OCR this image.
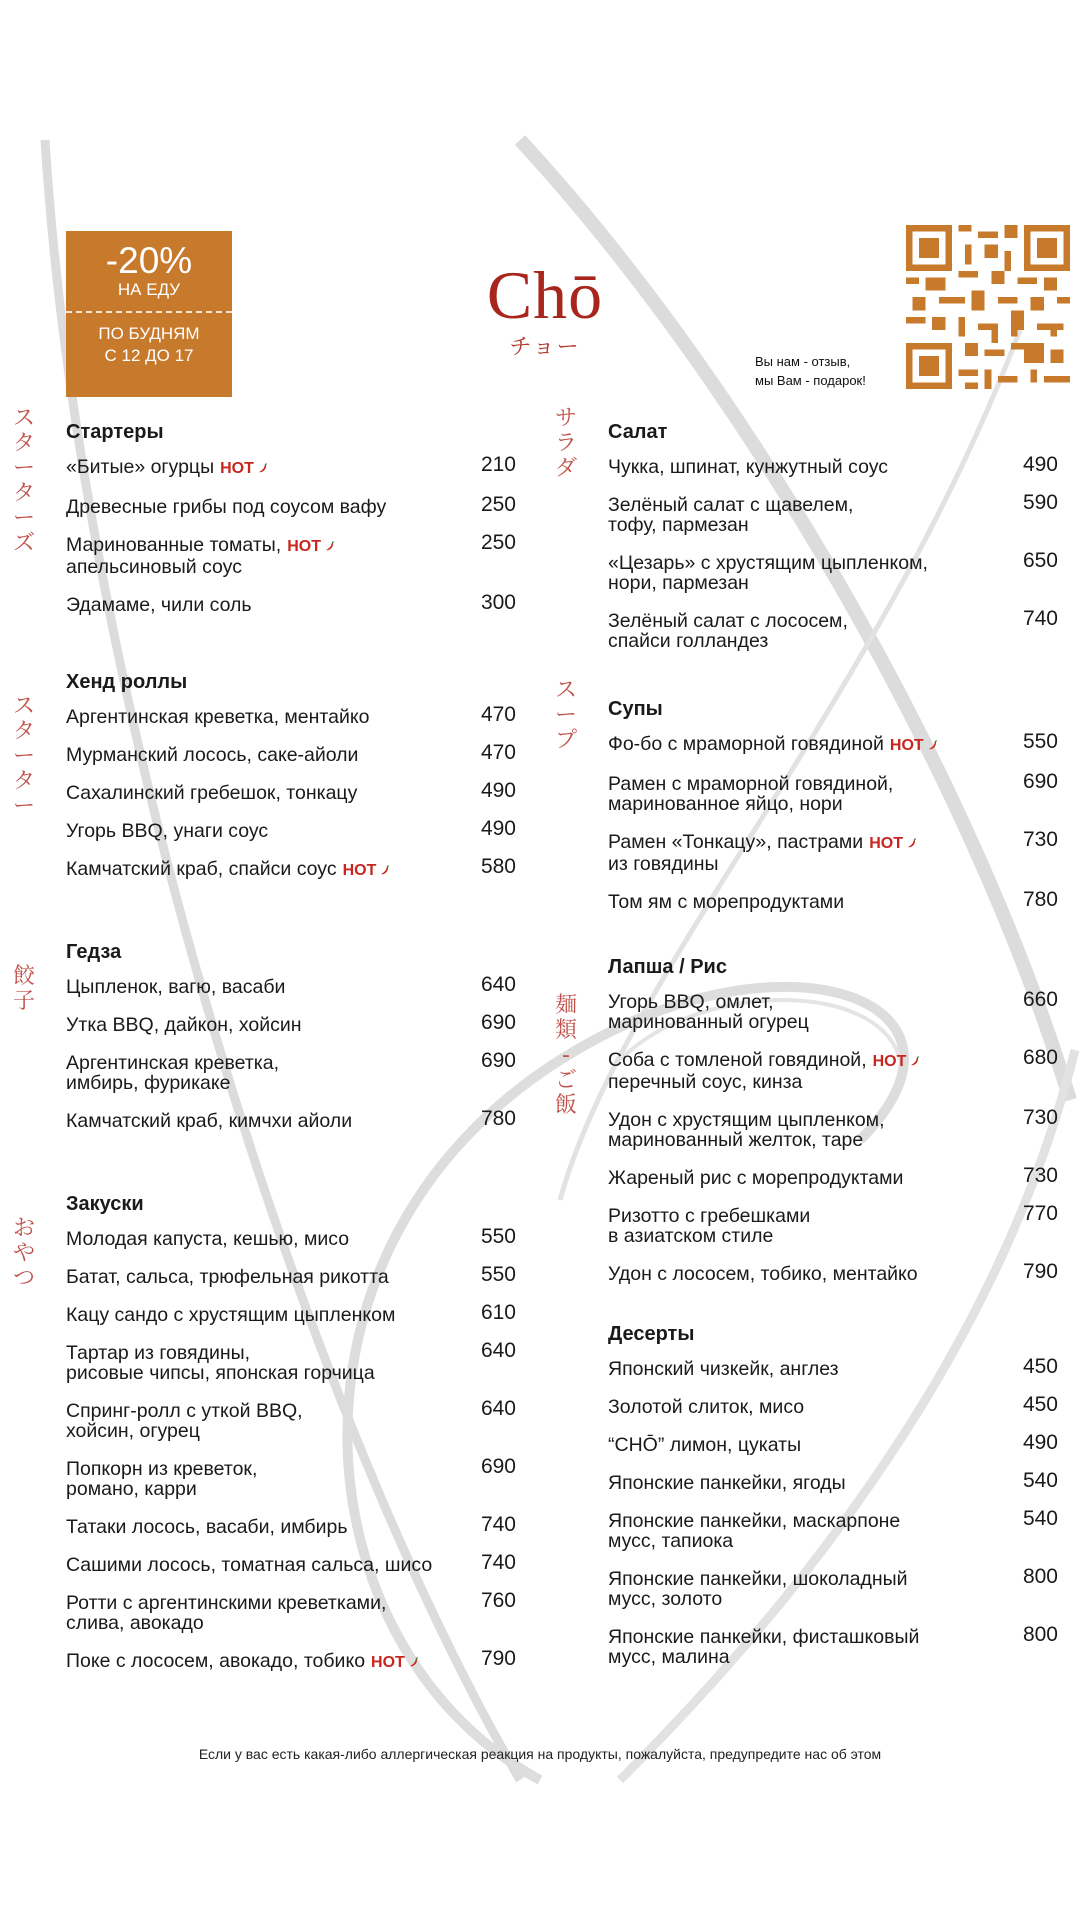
-20%
НА ЕДУ
ПО БУДНЯМ
С 12 ДО 17
Chō
チョー
Вы нам - отзыв,
мы Вам - подарок!
スターターズ
スターター
餃子
おやつ
サラダ
スープ
麺類 - ご飯
Стартеры
«Битые» огурцы HOT	210
Древесные грибы под соусом вафу	250
Маринованные томаты, HOT
апельсиновый соус
250
Эдамаме, чили соль	300
Хенд роллы
Аргентинская креветка, ментайко	470
Мурманский лосось, саке-айоли	470
Сахалинский гребешок, тонкацу	490
Угорь BBQ, унаги соус	490
Камчатский краб, спайси соус HOT	580
Гедза
Цыпленок, вагю, васаби	640
Утка BBQ, дайкон, хойсин	690
Аргентинская креветка,
имбирь, фурикаке
690
Камчатский краб, кимчхи айоли	780
Закуски
Молодая капуста, кешью, мисо	550
Батат, сальса, трюфельная рикотта	550
Кацу сандо с хрустящим цыпленком	610
Тартар из говядины,
рисовые чипсы, японская горчица
640
Спринг-ролл с уткой BBQ,
хойсин, огурец
640
Попкорн из креветок,
романо, карри
690
Татаки лосось, васаби, имбирь	740
Сашими лосось, томатная сальса, шисо	740
Ротти с аргентинскими креветками,
слива, авокадо
760
Поке с лососем, авокадо, тобико HOT	790
Салат
Чукка, шпинат, кунжутный соус	490
Зелёный салат с щавелем,
тофу, пармезан
590
«Цезарь» с хрустящим цыпленком,
нори, пармезан
650
Зелёный салат с лососем,
спайси голландез
740
Супы
Фо-бо с мраморной говядиной HOT	550
Рамен с мраморной говядиной,
маринованное яйцо, нори
690
Рамен «Тонкацу», пастрами HOT
из говядины
730
Том ям с морепродуктами	780
Лапша / Рис
Угорь BBQ, омлет,
маринованный огурец
660
Соба с томленой говядиной, HOT
перечный соус, кинза
680
Удон с хрустящим цыпленком,
маринованный желток, таре
730
Жареный рис с морепродуктами	730
Ризотто с гребешками
в азиатском стиле
770
Удон с лососем, тобико, ментайко	790
Десерты
Японский чизкейк, англез	450
Золотой слиток, мисо	450
“CHŌ” лимон, цукаты	490
Японские панкейки, ягоды	540
Японские панкейки, маскарпоне
мусс, тапиока
540
Японские панкейки, шоколадный
мусс, золото
800
Японские панкейки, фисташковый
мусс, малина
800
Если у вас есть какая-либо аллергическая реакция на продукты, пожалуйста, предупредите нас об этом
